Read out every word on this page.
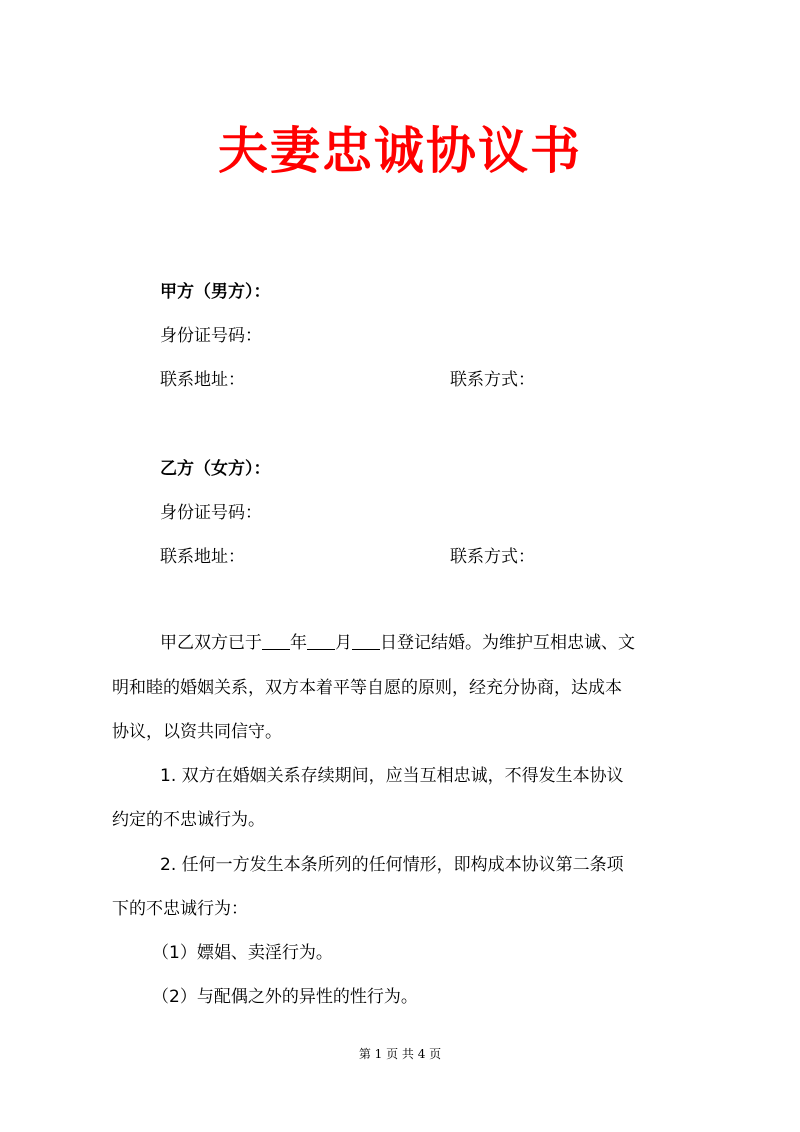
夫妻忠诚协议书
甲方（男方）：
身份证号码：
联系地址：	联系方式：
乙方（女方）：
身份证号码：
联系地址：	联系方式：
甲乙双方已于 年 月 日登记结婚。为维护互相忠诚、文
明和睦的婚姻关系，双方本着平等自愿的原则，经充分协商，达成本
协议，以资共同信守。
1. 双方在婚姻关系存续期间，应当互相忠诚，不得发生本协议
约定的不忠诚行为。
2. 任何一方发生本条所列的任何情形，即构成本协议第二条项
下的不忠诚行为：
（1）嫖娼、卖淫行为。
（2）与配偶之外的异性的性行为。
第 1 页 共 4 页
